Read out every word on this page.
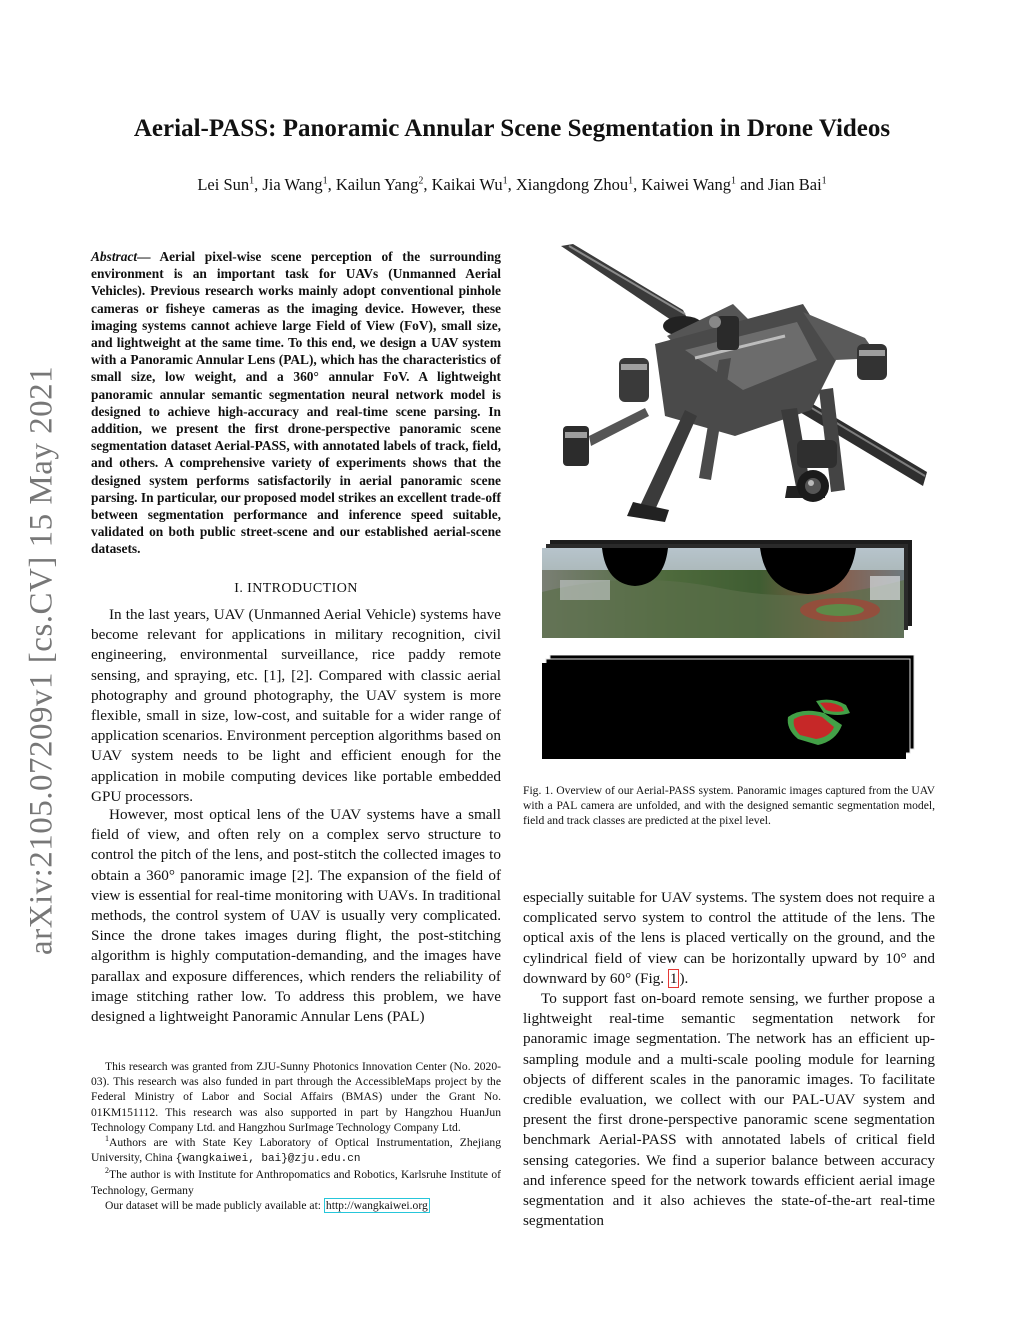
arXiv:2105.07209v1 [cs.CV] 15 May 2021
Aerial-PASS: Panoramic Annular Scene Segmentation in Drone Videos
Lei Sun$^1$, Jia Wang$^1$, Kailun Yang$^2$, Kaikai Wu$^1$, Xiangdong Zhou$^1$, Kaiwei Wang$^1$ and Jian Bai$^1$
Abstract— Aerial pixel-wise scene perception of the surrounding environment is an important task for UAVs (Unmanned Aerial Vehicles). Previous research works mainly adopt conventional pinhole cameras or fisheye cameras as the imaging device. However, these imaging systems cannot achieve large Field of View (FoV), small size, and lightweight at the same time. To this end, we design a UAV system with a Panoramic Annular Lens (PAL), which has the characteristics of small size, low weight, and a 360° annular FoV. A lightweight panoramic annular semantic segmentation neural network model is designed to achieve high-accuracy and real-time scene parsing. In addition, we present the first drone-perspective panoramic scene segmentation dataset Aerial-PASS, with annotated labels of track, field, and others. A comprehensive variety of experiments shows that the designed system performs satisfactorily in aerial panoramic scene parsing. In particular, our proposed model strikes an excellent trade-off between segmentation performance and inference speed suitable, validated on both public street-scene and our established aerial-scene datasets.
I. INTRODUCTION
In the last years, UAV (Unmanned Aerial Vehicle) systems have become relevant for applications in military recognition, civil engineering, environmental surveillance, rice paddy remote sensing, and spraying, etc. [1], [2]. Compared with classic aerial photography and ground photography, the UAV system is more flexible, small in size, low-cost, and suitable for a wider range of application scenarios. Environment perception algorithms based on UAV system needs to be light and efficient enough for the application in mobile computing devices like portable embedded GPU processors.
However, most optical lens of the UAV systems have a small field of view, and often rely on a complex servo structure to control the pitch of the lens, and post-stitch the collected images to obtain a 360° panoramic image [2]. The expansion of the field of view is essential for real-time monitoring with UAVs. In traditional methods, the control system of UAV is usually very complicated. Since the drone takes images during flight, the post-stitching algorithm is highly computation-demanding, and the images have parallax and exposure differences, which renders the reliability of image stitching rather low. To address this problem, we have designed a lightweight Panoramic Annular Lens (PAL)

This research was granted from ZJU-Sunny Photonics Innovation Center (No. 2020-03). This research was also funded in part through the AccessibleMaps project by the Federal Ministry of Labor and Social Affairs (BMAS) under the Grant No. 01KM151112. This research was also supported in part by Hangzhou HuanJun Technology Company Ltd. and Hangzhou SurImage Technology Company Ltd.

$^1$Authors are with State Key Laboratory of Optical Instrumentation, Zhejiang University, China {wangkaiwei, bai}@zju.edu.cn

$^2$The author is with Institute for Anthropomatics and Robotics, Karlsruhe Institute of Technology, Germany

Our dataset will be made publicly available at: http://wangkaiwei.org

Fig. 1. Overview of our Aerial-PASS system. Panoramic images captured from the UAV with a PAL camera are unfolded, and with the designed semantic segmentation model, field and track classes are predicted at the pixel level.
especially suitable for UAV systems. The system does not require a complicated servo system to control the attitude of the lens. The optical axis of the lens is placed vertically on the ground, and the cylindrical field of view can be horizontally upward by 10° and downward by 60° (Fig. 1 ).
To support fast on-board remote sensing, we further propose a lightweight real-time semantic segmentation network for panoramic image segmentation. The network has an efficient up-sampling module and a multi-scale pooling module for learning objects of different scales in the panoramic images. To facilitate credible evaluation, we collect with our PAL-UAV system and present the first drone-perspective panoramic scene segmentation benchmark Aerial-PASS with annotated labels of critical field sensing categories. We find a superior balance between accuracy and inference speed for the network towards efficient aerial image segmentation and it also achieves the state-of-the-art real-time segmentation
